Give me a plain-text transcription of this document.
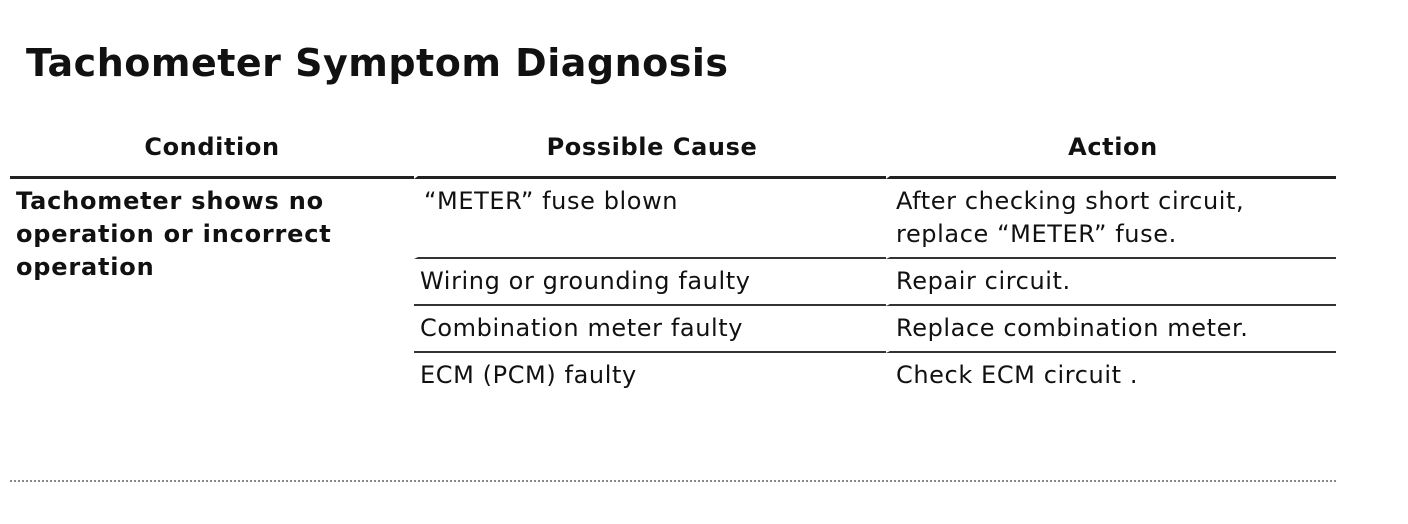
Tachometer Symptom Diagnosis
Condition	Possible Cause	Action
Tachometer shows no operation or incorrect operation	“METER” fuse blown	After checking short circuit, replace “METER” fuse.
	Wiring or grounding faulty	Repair circuit.
	Combination meter faulty	Replace combination meter.
	ECM (PCM) faulty	Check ECM circuit .
